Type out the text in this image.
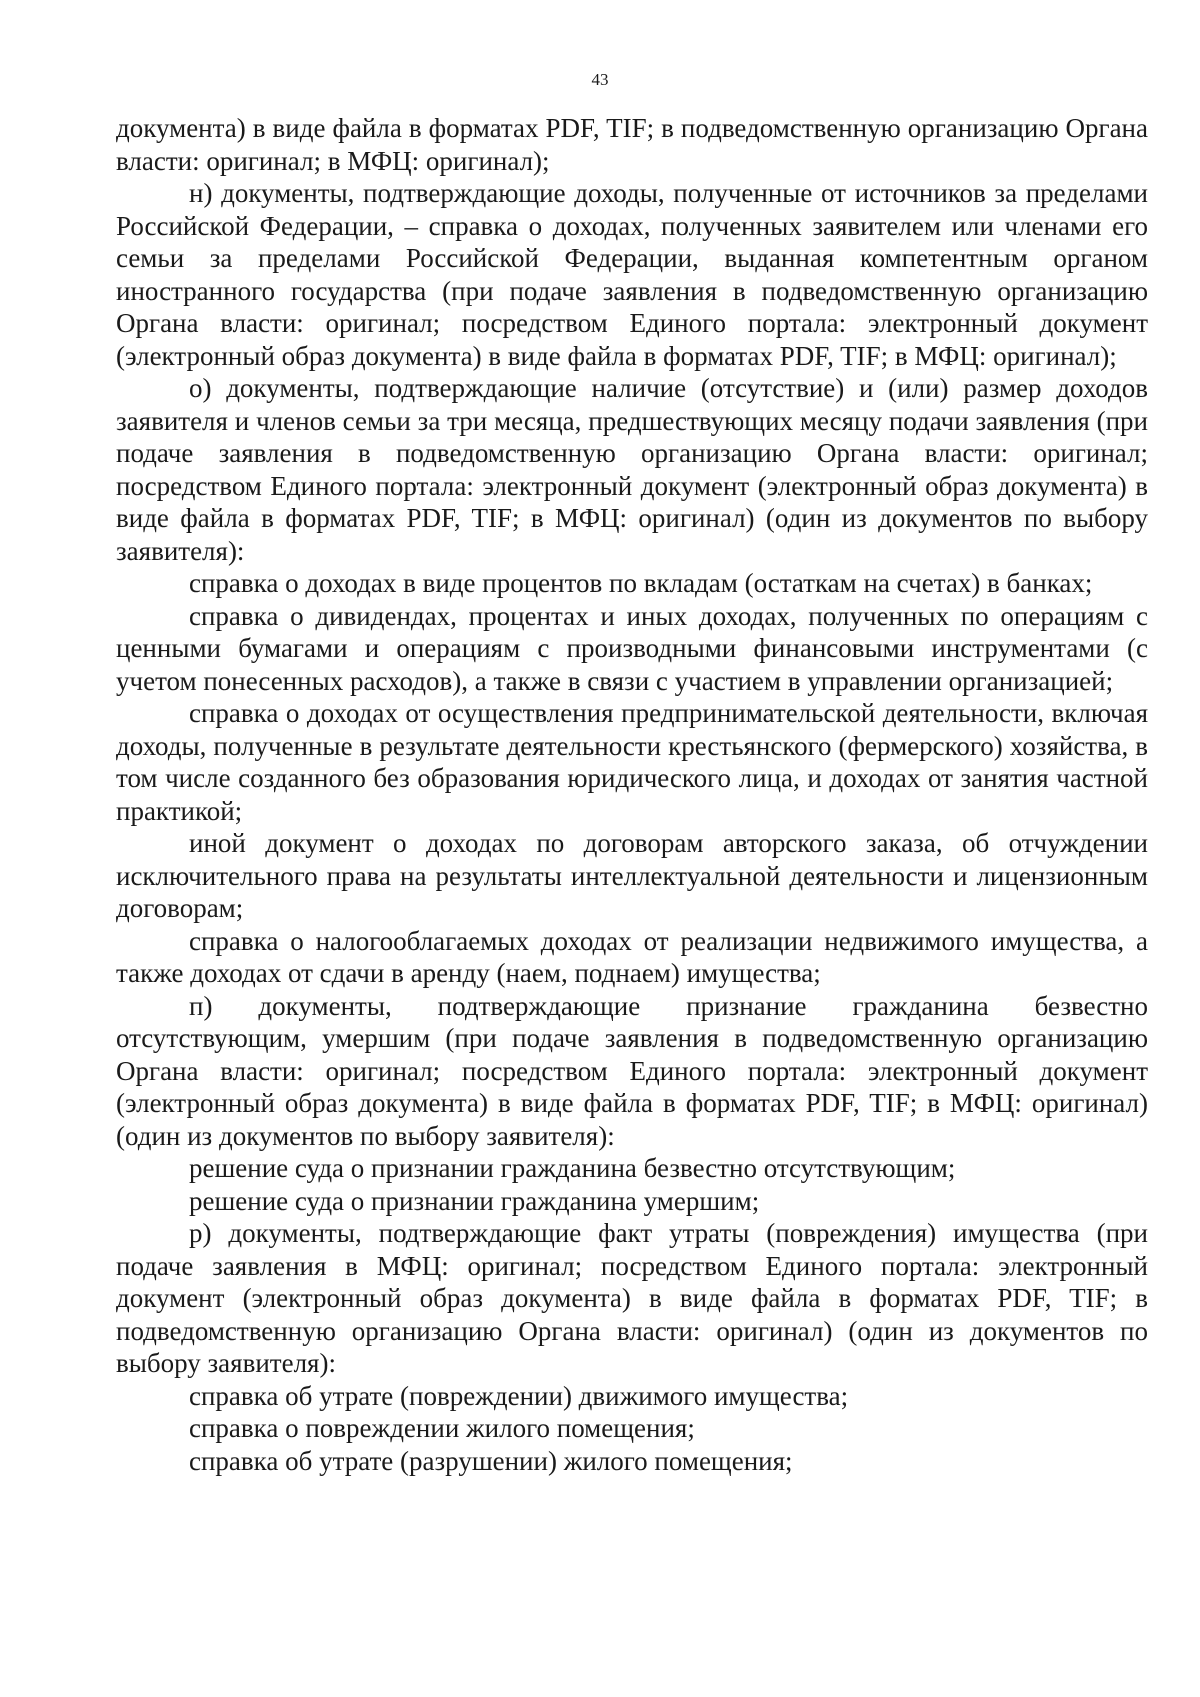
43

документа) в виде файла в форматах PDF, TIF; в подведомственную организацию Органа власти: оригинал; в МФЦ: оригинал);

н) документы, подтверждающие доходы, полученные от источников за пределами Российской Федерации, – справка о доходах, полученных заявителем или членами его семьи за пределами Российской Федерации, выданная компетентным органом иностранного государства (при подаче заявления в подведомственную организацию Органа власти: оригинал; посредством Единого портала: электронный документ (электронный образ документа) в виде файла в форматах PDF, TIF; в МФЦ: оригинал);

о) документы, подтверждающие наличие (отсутствие) и (или) размер доходов заявителя и членов семьи за три месяца, предшествующих месяцу подачи заявления (при подаче заявления в подведомственную организацию Органа власти: оригинал; посредством Единого портала: электронный документ (электронный образ документа) в виде файла в форматах PDF, TIF; в МФЦ: оригинал) (один из документов по выбору заявителя):

справка о доходах в виде процентов по вкладам (остаткам на счетах) в банках;

справка о дивидендах, процентах и иных доходах, полученных по операциям с ценными бумагами и операциям с производными финансовыми инструментами (с учетом понесенных расходов), а также в связи с участием в управлении организацией;

справка о доходах от осуществления предпринимательской деятельности, включая доходы, полученные в результате деятельности крестьянского (фермерского) хозяйства, в том числе созданного без образования юридического лица, и доходах от занятия частной практикой;

иной документ о доходах по договорам авторского заказа, об отчуждении исключительного права на результаты интеллектуальной деятельности и лицензионным договорам;

справка о налогооблагаемых доходах от реализации недвижимого имущества, а также доходах от сдачи в аренду (наем, поднаем) имущества;

п) документы, подтверждающие признание гражданина безвестно отсутствующим, умершим (при подаче заявления в подведомственную организацию Органа власти: оригинал; посредством Единого портала: электронный документ (электронный образ документа) в виде файла в форматах PDF, TIF; в МФЦ: оригинал) (один из документов по выбору заявителя):

решение суда о признании гражданина безвестно отсутствующим;

решение суда о признании гражданина умершим;

р) документы, подтверждающие факт утраты (повреждения) имущества (при подаче заявления в МФЦ: оригинал; посредством Единого портала: электронный документ (электронный образ документа) в виде файла в форматах PDF, TIF; в подведомственную организацию Органа власти: оригинал) (один из документов по выбору заявителя):

справка об утрате (повреждении) движимого имущества;

справка о повреждении жилого помещения;

справка об утрате (разрушении) жилого помещения;
